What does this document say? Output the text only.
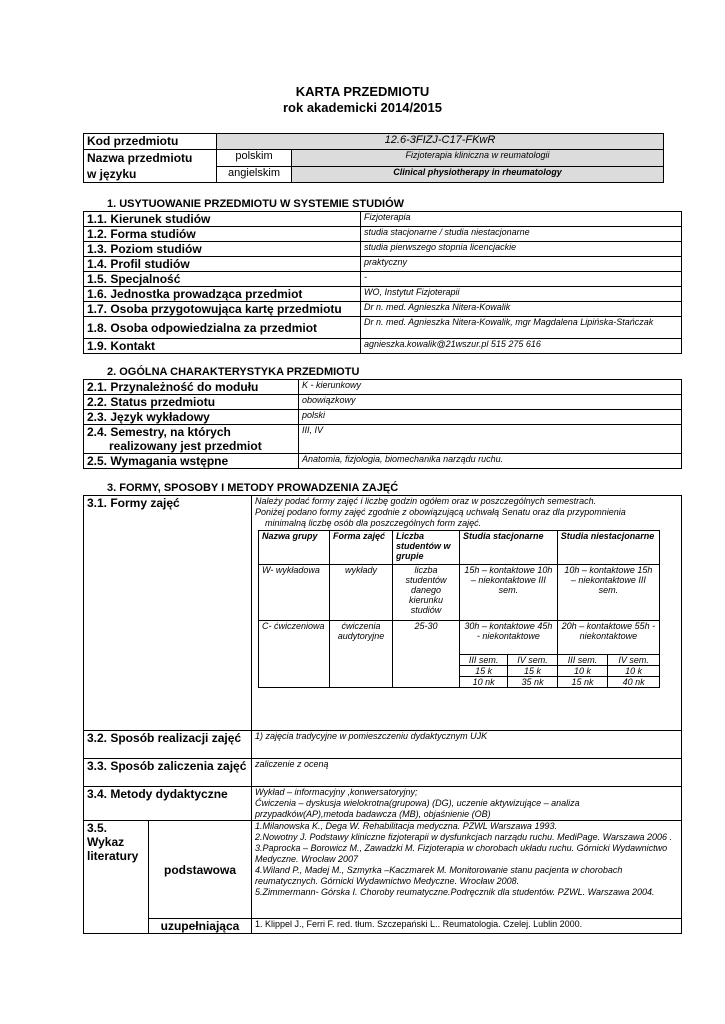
KARTA PRZEDMIOTU
rok akademicki 2014/2015
Kod przedmiotu	12.6-3FIZJ-C17-FKwR	

Nazwa przedmiotu
w języku	polskim	Fizjoterapia kliniczna w reumatologii
	angielskim	Clinical physiotherapy in rheumatology
1. USYTUOWANIE PRZEDMIOTU W SYSTEMIE STUDIÓW
1.1. Kierunek studiów	Fizjoterapia
1.2. Forma studiów	studia stacjonarne / studia niestacjonarne
1.3. Poziom studiów	studia pierwszego stopnia licencjackie
1.4. Profil studiów	praktyczny
1.5. Specjalność	-
1.6. Jednostka prowadząca przedmiot	WO, Instytut Fizjoterapii
1.7. Osoba przygotowująca kartę przedmiotu	Dr n. med. Agnieszka Nitera-Kowalik
1.8. Osoba odpowiedzialna za przedmiot	Dr n. med. Agnieszka Nitera-Kowalik, mgr Magdalena Lipińska-Stańczak
1.9. Kontakt	agnieszka.kowalik@21wszur.pl 515 275 616
2. OGÓLNA CHARAKTERYSTYKA PRZEDMIOTU
2.1. Przynależność do modułu	K - kierunkowy
2.2. Status przedmiotu	obowiązkowy
2.3. Język wykładowy	polski

2.4. Semestry, na których
realizowany jest przedmiot	III, IV
2.5. Wymagania wstępne	Anatomia, fizjologia, biomechanika narządu ruchu.
3. FORMY, SPOSOBY I METODY PROWADZENIA ZAJĘĆ
3.1. Formy zajęć	Należy podać formy zajęć i liczbę godzin ogółem oraz w poszczególnych semestrach.
Poniżej podano formy zajęć zgodnie z obowiązującą uchwałą Senatu oraz dla przypomnienia
minimalną liczbę osób dla poszczególnych form zajęć.
Nazwa grupy	Forma zajęć	Liczba studentów w grupie	Studia stacjonarne	Studia niestacjonarne
W- wykładowa	wykłady	liczba studentów danego kierunku studiów	15h – kontaktowe 10h – niekontaktowe III sem.	10h – kontaktowe 15h – niekontaktowe III sem.
C- ćwiczeniowa	ćwiczenia audytoryjne	25-30	30h – kontaktowe 45h - niekontaktowe	20h – kontaktowe 55h - niekontaktowe
III sem.	IV sem.	III sem.	IV sem.
15 k	15 k	10 k	10 k
10 nk	35 nk	15 nk	40 nk

3.2. Sposób realizacji zajęć	1) zajęcia tradycyjne w pomieszczeniu dydaktycznym UJK
3.3. Sposób zaliczenia zajęć	zaliczenie z oceną
3.4. Metody dydaktyczne	Wykład – informacyjny ,konwersatoryjny;
Ćwiczenia – dyskusja wielokrotna(grupowa) (DG), uczenie aktywizujące – analiza
przypadków(AP),metoda badawcza (MB), objaśnienie (OB)

3.5. Wykaz literatury	podstawowa	
1.Milanowska K., Dega W. Rehabilitacja medyczna. PZWL Warszawa 1993.
2.Nowotny J. Podstawy kliniczne fizjoterapii w dysfunkcjach narządu ruchu. MediPage. Warszawa 2006 .
3.Paprocka – Borowicz M., Zawadzki M. Fizjoterapia w chorobach układu ruchu. Górnicki Wydawnictwo Medyczne. Wrocław 2007
4.Wiland P., Madej M., Szmyrka –Kaczmarek M. Monitorowanie stanu pacjenta w chorobach reumatycznych. Górnicki Wydawnictwo Medyczne. Wrocław 2008.
5.Zimmermann- Górska I. Choroby reumatyczne.Podręcznik dla studentów. PZWL. Warszawa 2004.

uzupełniająca	1. Klippel J., Ferri F. red. tłum. Szczepański L.. Reumatologia. Czelej. Lublin 2000.
